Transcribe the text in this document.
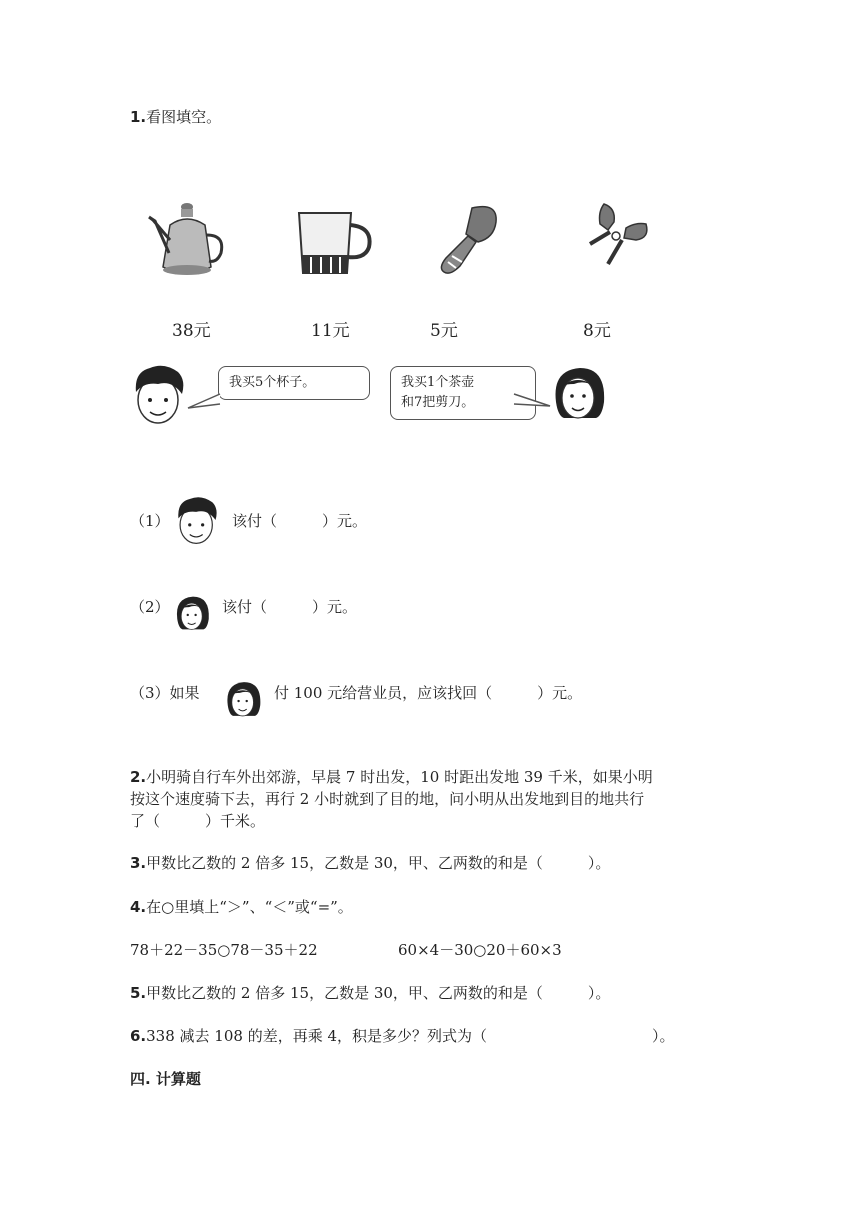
1.看图填空。
38元	11元	5元	8元
我买5个杯子。	我买1个茶壶
和7把剪刀。
（1）	该付（　　　）元。
（2）	该付（　　　）元。
（3）如果	付 100 元给营业员，应该找回（　　　）元。
2.小明骑自行车外出郊游，早晨 7 时出发，10 时距出发地 39 千米，如果小明
按这个速度骑下去，再行 2 小时就到了目的地，问小明从出发地到目的地共行
了（　　　）千米。
3.甲数比乙数的 2 倍多 15，乙数是 30，甲、乙两数的和是（　　　）。
4.在○里填上“＞”、“＜”或“=”。
78＋22－35○78－35＋22	60×4－30○20＋60×3
5.甲数比乙数的 2 倍多 15，乙数是 30，甲、乙两数的和是（　　　）。
6.338 减去 108 的差，再乘 4，积是多少？列式为（　　　　　　　　　　　）。
四. 计算题
